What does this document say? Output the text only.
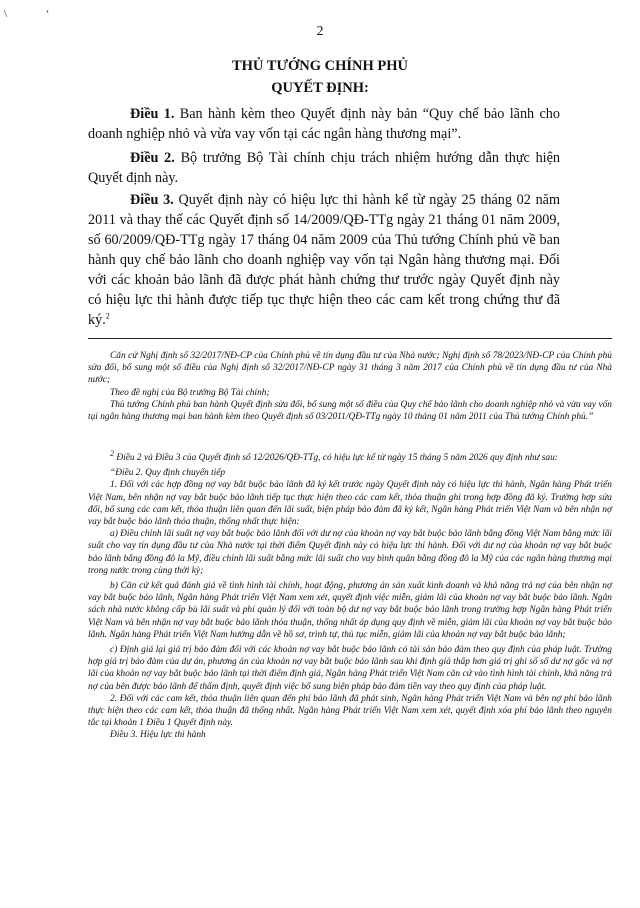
\ ‘
2
THỦ TƯỚNG CHÍNH PHỦ
QUYẾT ĐỊNH:

Điều 1. Ban hành kèm theo Quyết định này bản “Quy chế bảo lãnh cho doanh nghiệp nhỏ và vừa vay vốn tại các ngân hàng thương mại”.

Điều 2. Bộ trưởng Bộ Tài chính chịu trách nhiệm hướng dẫn thực hiện Quyết định này.

Điều 3. Quyết định này có hiệu lực thi hành kể từ ngày 25 tháng 02 năm 2011 và thay thế các Quyết định số 14/2009/QĐ-TTg ngày 21 tháng 01 năm 2009, số 60/2009/QĐ-TTg ngày 17 tháng 04 năm 2009 của Thủ tướng Chính phủ về ban hành quy chế bảo lãnh cho doanh nghiệp vay vốn tại Ngân hàng thương mại. Đối với các khoản bảo lãnh đã được phát hành chứng thư trước ngày Quyết định này có hiệu lực thi hành được tiếp tục thực hiện theo các cam kết trong chứng thư đã ký.$^2$

Căn cứ Nghị định số 32/2017/NĐ-CP của Chính phủ về tín dụng đầu tư của Nhà nước; Nghị định số 78/2023/NĐ-CP của Chính phủ sửa đổi, bổ sung một số điều của Nghị định số 32/2017/NĐ-CP ngày 31 tháng 3 năm 2017 của Chính phủ về tín dụng đầu tư của Nhà nước;

Theo đề nghị của Bộ trưởng Bộ Tài chính;

Thủ tướng Chính phủ ban hành Quyết định sửa đổi, bổ sung một số điều của Quy chế bảo lãnh cho doanh nghiệp nhỏ và vừa vay vốn tại ngân hàng thương mại ban hành kèm theo Quyết định số 03/2011/QĐ-TTg ngày 10 tháng 01 năm 2011 của Thủ tướng Chính phủ.”

$^2$ Điều 2 và Điều 3 của Quyết định số 12/2026/QĐ-TTg, có hiệu lực kể từ ngày 15 tháng 5 năm 2026 quy định như sau:

“Điều 2. Quy định chuyển tiếp

1. Đối với các hợp đồng nợ vay bắt buộc bảo lãnh đã ký kết trước ngày Quyết định này có hiệu lực thi hành, Ngân hàng Phát triển Việt Nam, bên nhận nợ vay bắt buộc bảo lãnh tiếp tục thực hiện theo các cam kết, thỏa thuận ghi trong hợp đồng đã ký. Trường hợp sửa đổi, bổ sung các cam kết, thỏa thuận liên quan đến lãi suất, biện pháp bảo đảm đã ký kết, Ngân hàng Phát triển Việt Nam và bên nhận nợ vay bắt buộc bảo lãnh thỏa thuận, thống nhất thực hiện:

a) Điều chỉnh lãi suất nợ vay bắt buộc bảo lãnh đối với dư nợ của khoản nợ vay bắt buộc bảo lãnh bằng đồng Việt Nam bằng mức lãi suất cho vay tín dụng đầu tư của Nhà nước tại thời điểm Quyết định này có hiệu lực thi hành. Đối với dư nợ của khoản nợ vay bắt buộc bảo lãnh bằng đồng đô la Mỹ, điều chỉnh lãi suất bằng mức lãi suất cho vay bình quân bằng đồng đô la Mỹ của các ngân hàng thương mại trong nước trong cùng thời kỳ;

b) Căn cứ kết quả đánh giá về tình hình tài chính, hoạt động, phương án sản xuất kinh doanh và khả năng trả nợ của bên nhận nợ vay bắt buộc bảo lãnh, Ngân hàng Phát triển Việt Nam xem xét, quyết định việc miễn, giảm lãi của khoản nợ vay bắt buộc bảo lãnh. Ngân sách nhà nước không cấp bù lãi suất và phí quản lý đối với toàn bộ dư nợ vay bắt buộc bảo lãnh trong trường hợp Ngân hàng Phát triển Việt Nam và bên nhận nợ vay bắt buộc bảo lãnh thỏa thuận, thống nhất áp dụng quy định về miễn, giảm lãi của khoản nợ vay bắt buộc bảo lãnh. Ngân hàng Phát triển Việt Nam hướng dẫn về hồ sơ, trình tự, thủ tục miễn, giảm lãi của khoản nợ vay bắt buộc bảo lãnh;

c) Định giá lại giá trị bảo đảm đối với các khoản nợ vay bắt buộc bảo lãnh có tài sản bảo đảm theo quy định của pháp luật. Trường hợp giá trị bảo đảm của dự án, phương án của khoản nợ vay bắt buộc bảo lãnh sau khi định giá thấp hơn giá trị ghi sổ số dư nợ gốc và nợ lãi của khoản nợ vay bắt buộc bảo lãnh tại thời điểm định giá, Ngân hàng Phát triển Việt Nam căn cứ vào tình hình tài chính, khả năng trả nợ của bên được bảo lãnh để thẩm định, quyết định việc bổ sung biện pháp bảo đảm tiền vay theo quy định của pháp luật.

2. Đối với các cam kết, thỏa thuận liên quan đến phí bảo lãnh đã phát sinh, Ngân hàng Phát triển Việt Nam và bên nợ phí bảo lãnh thực hiện theo các cam kết, thỏa thuận đã thống nhất. Ngân hàng Phát triển Việt Nam xem xét, quyết định xóa phí bảo lãnh theo nguyên tắc tại khoản 1 Điều 1 Quyết định này.

Điều 3. Hiệu lực thi hành
